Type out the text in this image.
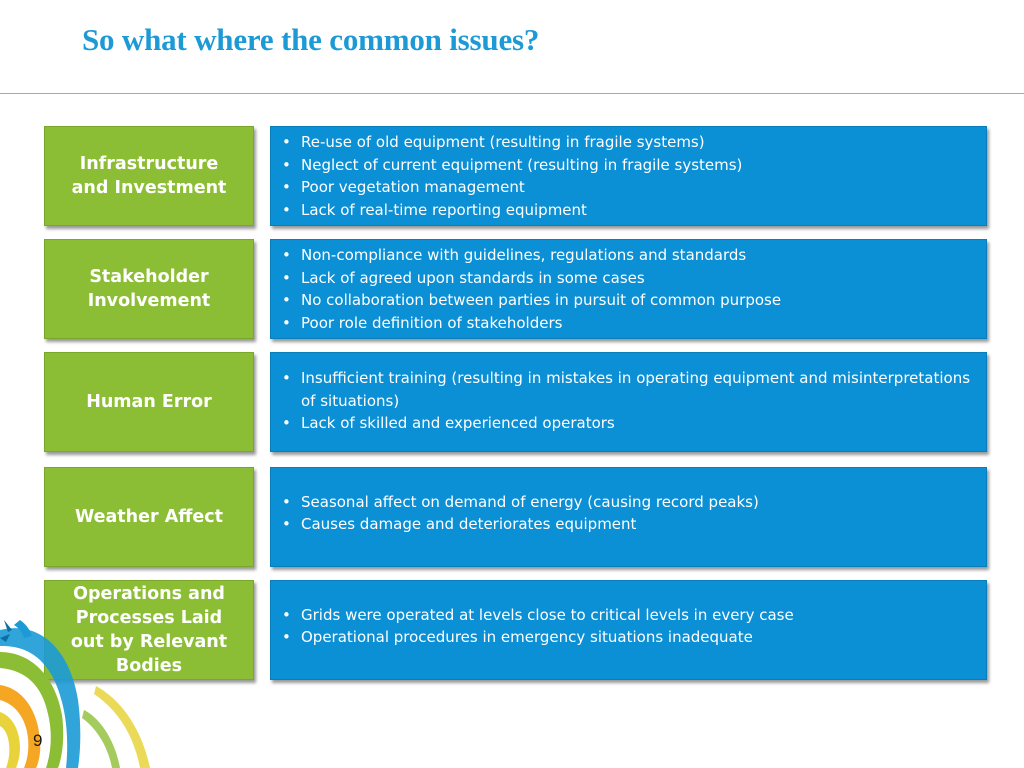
So what where the common issues?
Infrastructure
and Investment
• Re-use of old equipment (resulting in fragile systems)
• Neglect of current equipment (resulting in fragile systems)
• Poor vegetation management
• Lack of real-time reporting equipment
Stakeholder
Involvement
• Non-compliance with guidelines, regulations and standards
• Lack of agreed upon standards in some cases
• No collaboration between parties in pursuit of common purpose
• Poor role definition of stakeholders
Human Error
• Insufficient training (resulting in mistakes in operating equipment and misinterpretations of situations)
• Lack of skilled and experienced operators
Weather Affect
• Seasonal affect on demand of energy (causing record peaks)
• Causes damage and deteriorates equipment
Operations and
Processes Laid
out by Relevant
Bodies
• Grids were operated at levels close to critical levels in every case
• Operational procedures in emergency situations inadequate
9
